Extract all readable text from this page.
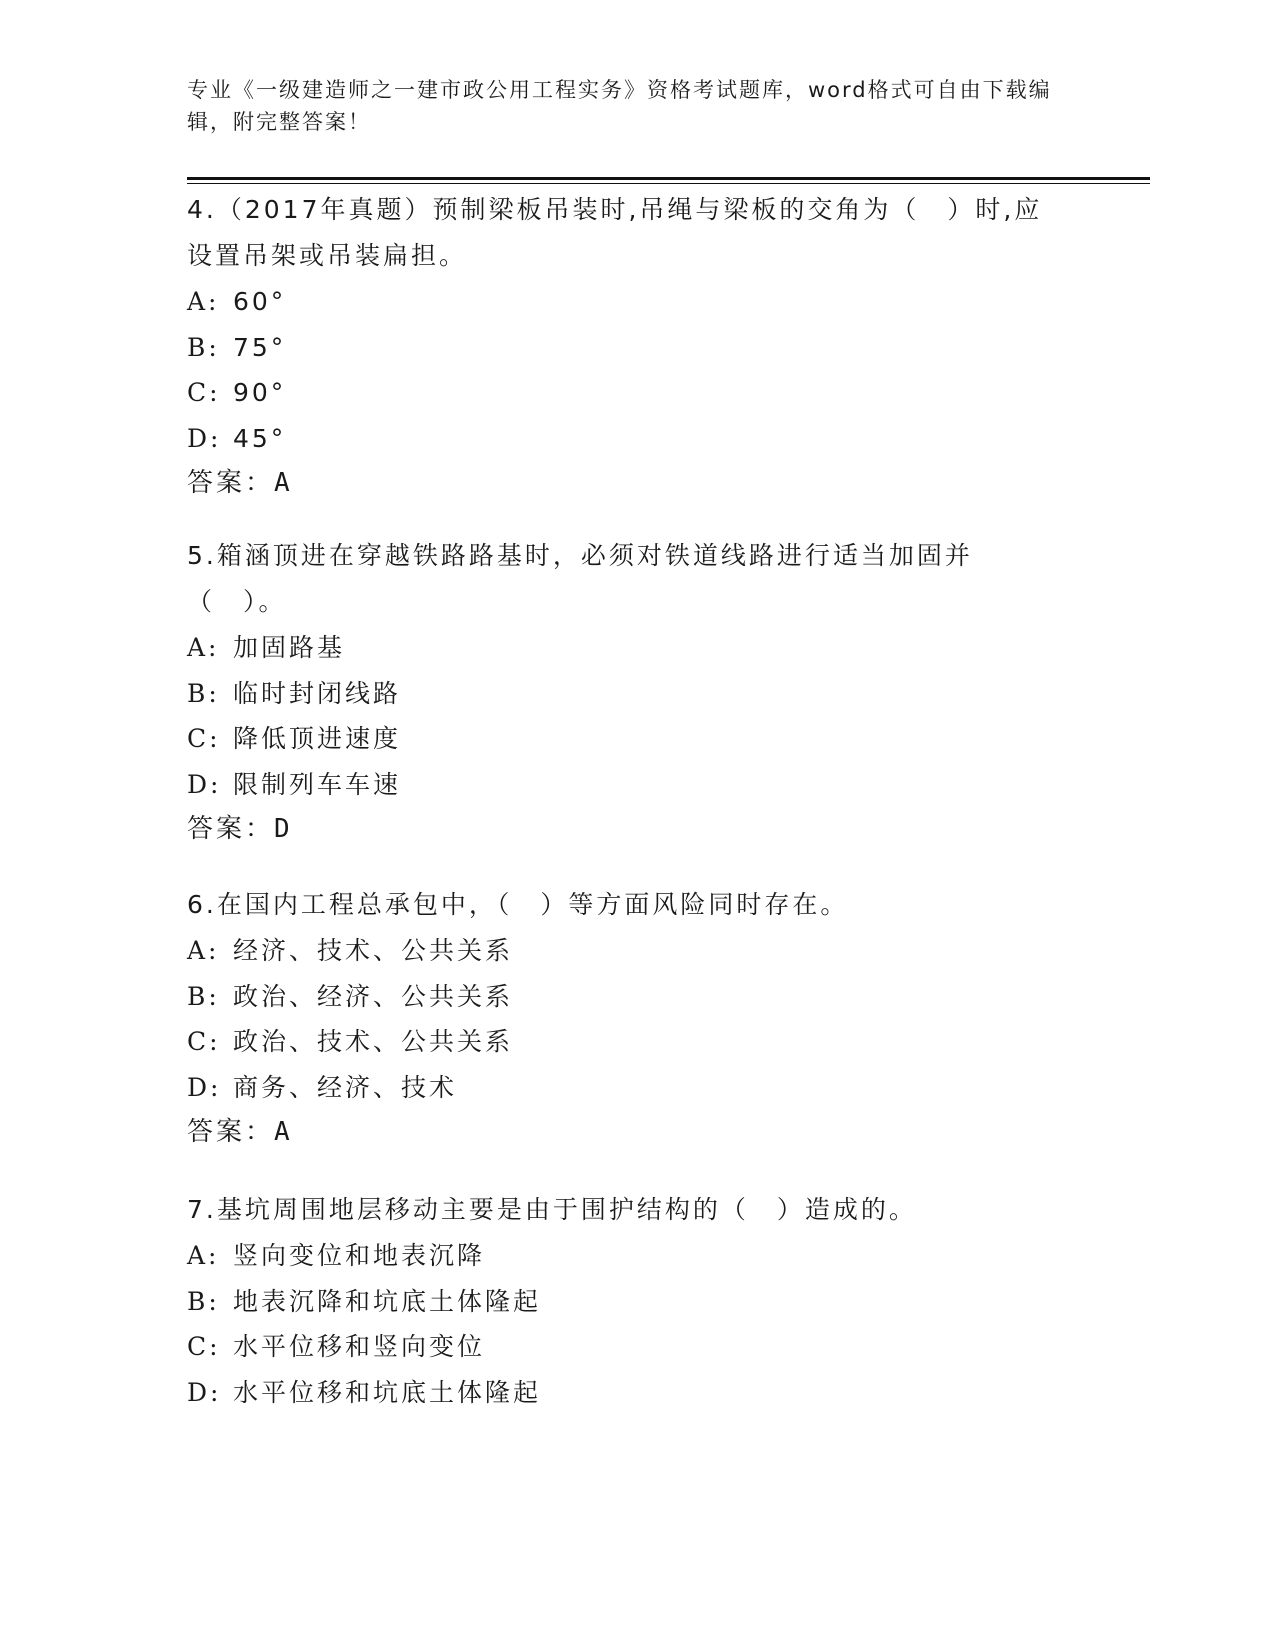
专业《一级建造师之一建市政公用工程实务》资格考试题库，word格式可自由下载编辑，附完整答案！
4.（2017年真题）预制梁板吊装时,吊绳与梁板的交角为（　）时,应设置吊架或吊装扁担。
A: 60°
B: 75°
C: 90°
D: 45°
答案：A
5.箱涵顶进在穿越铁路路基时，必须对铁道线路进行适当加固并（　）。
A: 加固路基
B: 临时封闭线路
C: 降低顶进速度
D: 限制列车车速
答案：D
6.在国内工程总承包中，（　）等方面风险同时存在。
A: 经济、技术、公共关系
B: 政治、经济、公共关系
C: 政治、技术、公共关系
D: 商务、经济、技术
答案：A
7.基坑周围地层移动主要是由于围护结构的（　）造成的。
A: 竖向变位和地表沉降
B: 地表沉降和坑底土体隆起
C: 水平位移和竖向变位
D: 水平位移和坑底土体隆起
